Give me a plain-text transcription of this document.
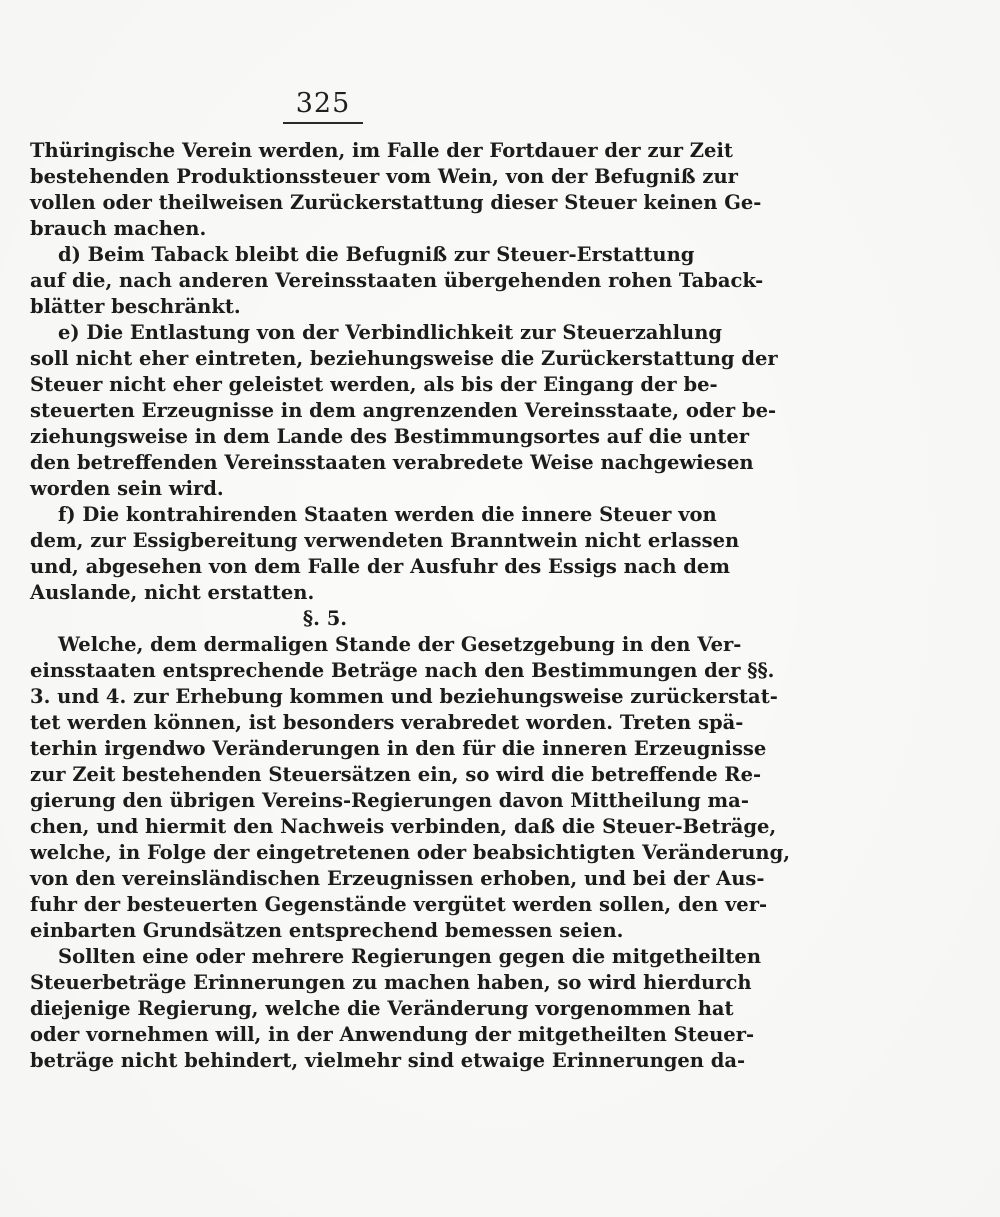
325
Thüringische Verein werden, im Falle der Fortdauer der zur Zeit
bestehenden Produktionssteuer vom Wein, von der Befugniß zur
vollen oder theilweisen Zurückerstattung dieser Steuer keinen Ge-
brauch machen.
d) Beim Taback bleibt die Befugniß zur Steuer-Erstattung
auf die, nach anderen Vereinsstaaten übergehenden rohen Taback-
blätter beschränkt.
e) Die Entlastung von der Verbindlichkeit zur Steuerzahlung
soll nicht eher eintreten, beziehungsweise die Zurückerstattung der
Steuer nicht eher geleistet werden, als bis der Eingang der be-
steuerten Erzeugnisse in dem angrenzenden Vereinsstaate, oder be-
ziehungsweise in dem Lande des Bestimmungsortes auf die unter
den betreffenden Vereinsstaaten verabredete Weise nachgewiesen
worden sein wird.
f) Die kontrahirenden Staaten werden die innere Steuer von
dem, zur Essigbereitung verwendeten Branntwein nicht erlassen
und, abgesehen von dem Falle der Ausfuhr des Essigs nach dem
Auslande, nicht erstatten.
§. 5.
Welche, dem dermaligen Stande der Gesetzgebung in den Ver-
einsstaaten entsprechende Beträge nach den Bestimmungen der §§.
3. und 4. zur Erhebung kommen und beziehungsweise zurückerstat-
tet werden können, ist besonders verabredet worden. Treten spä-
terhin irgendwo Veränderungen in den für die inneren Erzeugnisse
zur Zeit bestehenden Steuersätzen ein, so wird die betreffende Re-
gierung den übrigen Vereins-Regierungen davon Mittheilung ma-
chen, und hiermit den Nachweis verbinden, daß die Steuer-Beträge,
welche, in Folge der eingetretenen oder beabsichtigten Veränderung,
von den vereinsländischen Erzeugnissen erhoben, und bei der Aus-
fuhr der besteuerten Gegenstände vergütet werden sollen, den ver-
einbarten Grundsätzen entsprechend bemessen seien.
Sollten eine oder mehrere Regierungen gegen die mitgetheilten
Steuerbeträge Erinnerungen zu machen haben, so wird hierdurch
diejenige Regierung, welche die Veränderung vorgenommen hat
oder vornehmen will, in der Anwendung der mitgetheilten Steuer-
beträge nicht behindert, vielmehr sind etwaige Erinnerungen da-
